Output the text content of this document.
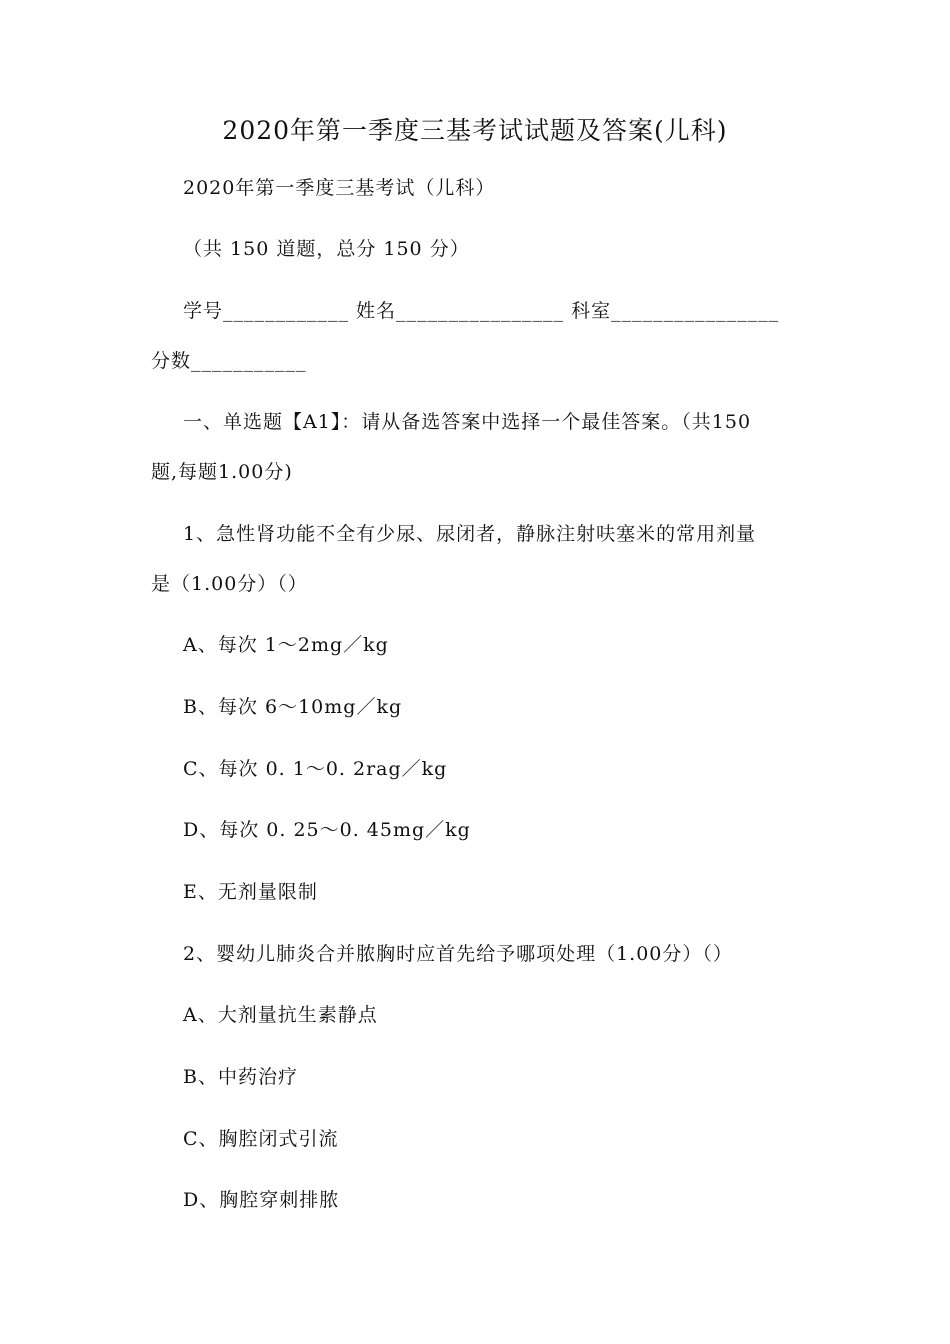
2020年第一季度三基考试试题及答案(儿科)
2020年第一季度三基考试（儿科）
（共 150 道题，总分 150 分）
学号____________ 姓名________________ 科室________________
分数___________
一、单选题【A1】：请从备选答案中选择一个最佳答案。（共150
题,每题1.00分)
1、急性肾功能不全有少尿、尿闭者，静脉注射呋塞米的常用剂量
是（1.00分）（）
A、每次 1～2mg／kg
B、每次 6～10mg／kg
C、每次 0. 1～0. 2rag／kg
D、每次 0. 25～0. 45mg／kg
E、无剂量限制
2、婴幼儿肺炎合并脓胸时应首先给予哪项处理（1.00分）（）
A、大剂量抗生素静点
B、中药治疗
C、胸腔闭式引流
D、胸腔穿刺排脓
